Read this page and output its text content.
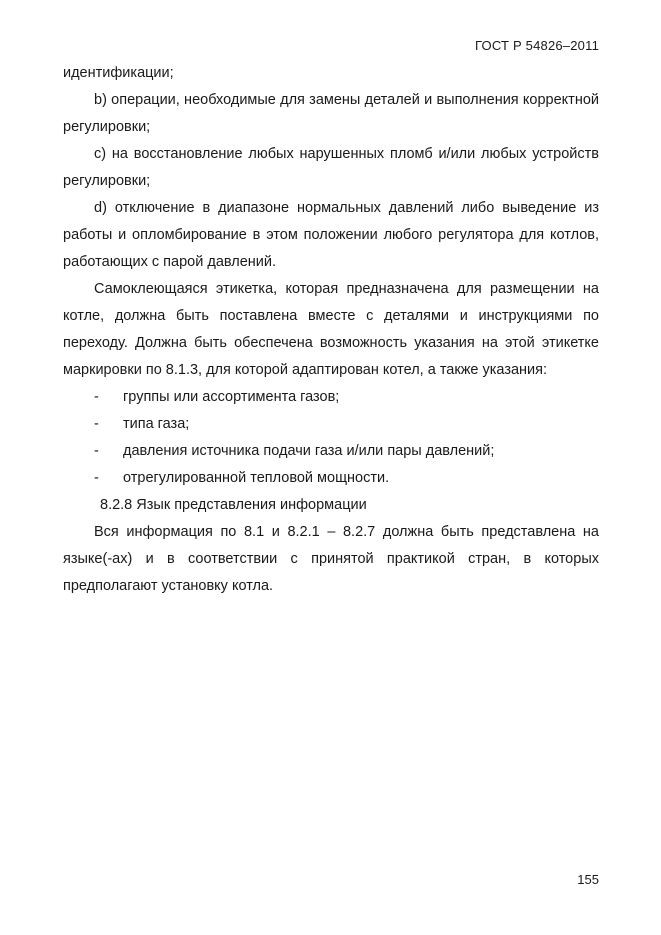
ГОСТ Р 54826–2011

идентификации;

b) операции, необходимые для замены деталей и выполнения корректной регулировки;

c) на восстановление любых нарушенных пломб и/или любых устройств регулировки;

d) отключение в диапазоне нормальных давлений либо выведение из работы и опломбирование в этом положении любого регулятора для котлов, работающих с парой давлений.

Самоклеющаяся этикетка, которая предназначена для размещении на котле, должна быть поставлена вместе с деталями и инструкциями по переходу. Должна быть обеспечена возможность указания на этой этикетке маркировки по 8.1.3, для которой адаптирован котел, а также указания:

-	группы или ассортимента газов;
-	типа газа;
-	давления источника подачи газа и/или пары давлений;
-	отрегулированной тепловой мощности.

8.2.8 Язык представления информации

Вся информация по 8.1 и 8.2.1 – 8.2.7 должна быть представлена на языке(-ах) и в соответствии с принятой практикой стран, в которых предполагают установку котла.

155
